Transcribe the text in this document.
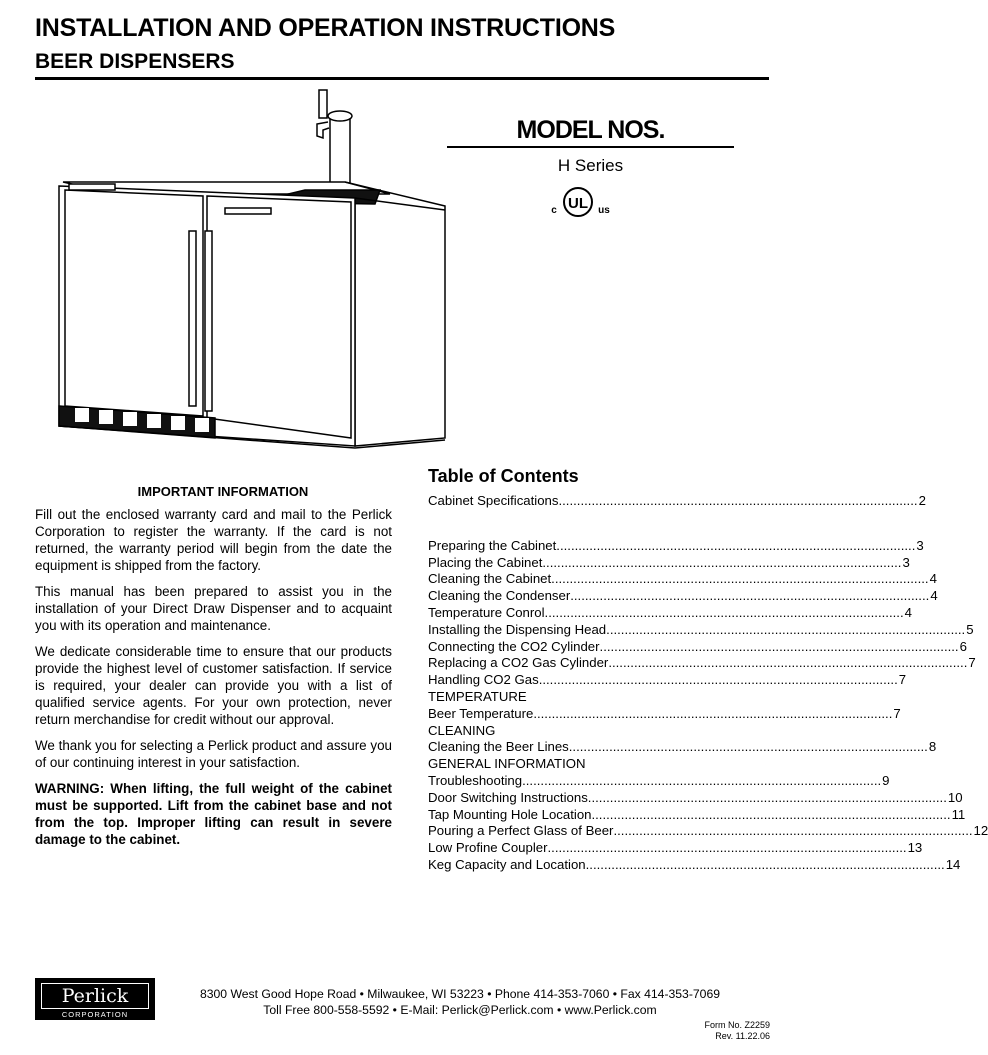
INSTALLATION AND OPERATION INSTRUCTIONS
BEER DISPENSERS
MODEL NOS.
H Series
UL
c	us
IMPORTANT INFORMATION

Fill out the enclosed warranty card and mail to the Perlick Corporation to register the warranty. If the card is not returned, the warranty period will begin from the date the equipment is shipped from the factory.

This manual has been prepared to assist you in the installation of your Direct Draw Dispenser and to acquaint you with its operation and maintenance.

We dedicate considerable time to ensure that our products provide the highest level of customer satisfaction. If service is required, your dealer can provide you with a list of qualified service agents. For your own protection, never return merchandise for credit without our approval.

We thank you for selecting a Perlick product and assure you of our continuing interest in your satisfaction.

WARNING: When lifting, the full weight of the cabinet must be supported. Lift from the cabinet base and not from the top. Improper lifting can result in severe damage to the cabinet.

Table of Contents
Cabinet Specifications .................................................................................................. 2
Preparing the Cabinet .................................................................................................. 3
Placing the Cabinet .................................................................................................. 3
Cleaning the Cabinet..... .................................................................................................. 4
Cleaning the Condenser .................................................................................................. 4
Temperature Conrol .................................................................................................. 4
Installing the Dispensing Head .................................................................................................. 5
Connecting the CO2 Cylinder .................................................................................................. 6
Replacing a CO2 Gas Cylinder .................................................................................................. 7
Handling CO2 Gas .................................................................................................. 7
TEMPERATURE
Beer Temperature .................................................................................................. 7
CLEANING
Cleaning the Beer Lines .................................................................................................. 8
GENERAL INFORMATION
Troubleshooting .................................................................................................. 9
Door Switching Instructions .................................................................................................. 10
Tap Mounting Hole Location .................................................................................................. 11
Pouring a Perfect Glass of Beer .................................................................................................. 12
Low Profine Coupler .................................................................................................. 13
Keg Capacity and Location .................................................................................................. 14
Perlick
CORPORATION
8300 West Good Hope Road • Milwaukee, WI 53223 • Phone 414-353-7060 • Fax 414-353-7069
Toll Free 800-558-5592 • E-Mail: Perlick@Perlick.com • www.Perlick.com
Form No. Z2259
Rev. 11.22.06
